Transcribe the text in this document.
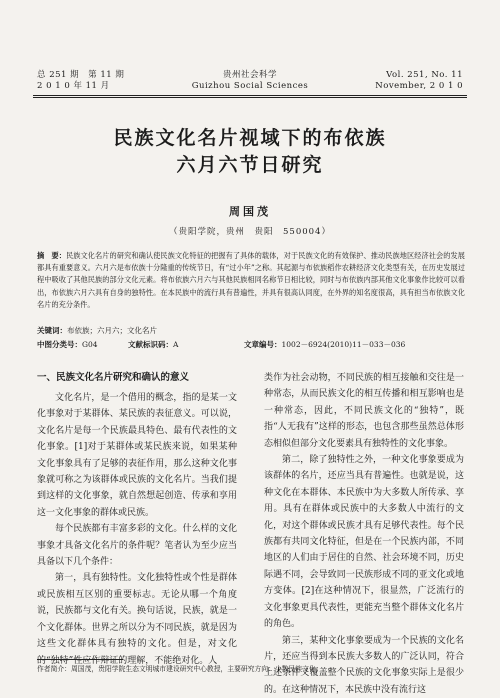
总 251 期　第 11 期
2 0 1 0 年 11 月
贵州社会科学
Guizhou Social Sciences
Vol. 251, No. 11
November, 2 0 1 0
民族文化名片视域下的布依族
六月六节日研究
周国茂
（贵阳学院，贵州　贵阳　550004）
摘　要：民族文化名片的研究和确认使民族文化特征的把握有了具体的载体，对于民族文化的有效保护、推动民族地区经济社会的发展都具有重要意义。六月六是布依族十分隆重的传统节日，有“过小年”之称。其起源与布依族稻作农耕经济文化类型有关，在历史发展过程中吸收了其他民族的部分文化元素。将布依族六月六与其他民族相同名称节日相比较，同时与布依族内部其他文化事象作比较可以看出，布依族六月六具有自身的独特性。在本民族中的流行具有普遍性，并具有很高认同度，在外界的知名度很高，具有担当布依族文化名片的充分条件。
关键词：布依族；六月六；文化名片
中图分类号：G04	文献标识码：A	文章编号：1002－6924(2010)11－033－036
一、民族文化名片研究和确认的意义

文化名片，是一个借用的概念，指的是某一文化事象对于某群体、某民族的表征意义。可以说，文化名片是每一个民族最具特色、最有代表性的文化事象。[1]对于某群体或某民族来说，如果某种文化事象具有了足够的表征作用，那么这种文化事象就可称之为该群体或民族的文化名片。当我们提到这样的文化事象，就自然想起创造、传承和享用这一文化事象的群体或民族。

每个民族都有丰富多彩的文化。什么样的文化事象才具备文化名片的条件呢？笔者认为至少应当具备以下几个条件：

第一，具有独特性。文化独特性或个性是群体或民族相互区别的重要标志。无论从哪一个角度说，民族都与文化有关。换句话说，民族，就是一个文化群体。世界之所以分为不同民族，就是因为这些文化群体具有独特的文化。但是，对文化的“独特”性应作辩证的理解，不能绝对化。人

类作为社会动物，不同民族的相互接触和交往是一种常态，从而民族文化的相互传播和相互影响也是一种常态，因此，不同民族文化的“独特”，既指“人无我有”这样的形态，也包含那些虽然总体形态相似但部分文化要素具有独特性的文化事象。

第二，除了独特性之外，一种文化事象要成为该群体的名片，还应当具有普遍性。也就是说，这种文化在本群体、本民族中为大多数人所传承、享用。具有在群体或民族中的大多数人中流行的文化，对这个群体或民族才具有足够代表性。每个民族都有共同文化特征，但是在一个民族内部，不同地区的人们由于居住的自然、社会环境不同，历史际遇不同，会导致同一民族形成不同的亚文化或地方变体。[2]在这种情况下，很显然，广泛流行的文化事象更具代表性，更能充当整个群体文化名片的角色。

第三，某种文化事象要成为一个民族的文化名片，还应当得到本民族大多数人的广泛认同，符合上述条件又覆盖整个民族的文化事象实际上是很少的。在这种情况下，本民族中没有流行这

作者简介：周国茂，贵阳学院生态文明城市建设研究中心教授，主要研究方向：少数民族文化。
